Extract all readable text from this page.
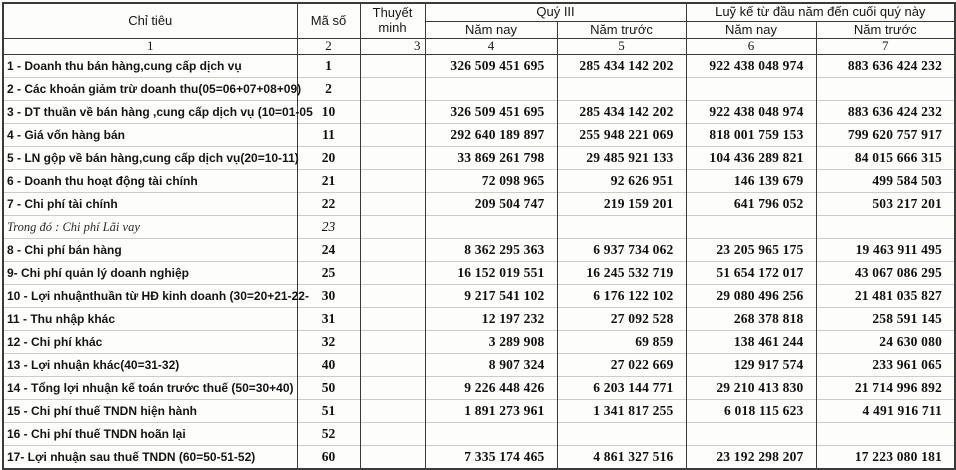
Chỉ tiêu	Mã số	Thuyết minh	Quý III		Luỹ kế từ đầu năm đến cuối quý này	
			Năm nay	Năm trước	Năm nay	Năm trước
1	2	3	4	5	6	7
1 - Doanh thu bán hàng,cung cấp dịch vụ	1		326 509 451 695	285 434 142 202	922 438 048 974	883 636 424 232
2 - Các khoản giảm trừ doanh thu(05=06+07+08+09)	2					
3 - DT thuần về bán hàng ,cung cấp dịch vụ (10=01-05	10		326 509 451 695	285 434 142 202	922 438 048 974	883 636 424 232
4 - Giá vốn hàng bán	11		292 640 189 897	255 948 221 069	818 001 759 153	799 620 757 917
5 - LN gộp về bán hàng,cung cấp dịch vụ(20=10-11)	20		33 869 261 798	29 485 921 133	104 436 289 821	84 015 666 315
6 - Doanh thu hoạt động tài chính	21		72 098 965	92 626 951	146 139 679	499 584 503
7 - Chi phí tài chính	22		209 504 747	219 159 201	641 796 052	503 217 201
Trong đó : Chi phí Lãi vay	23					
8 - Chi phí bán hàng	24		8 362 295 363	6 937 734 062	23 205 965 175	19 463 911 495
9- Chi phí quản lý doanh nghiệp	25		16 152 019 551	16 245 532 719	51 654 172 017	43 067 086 295
10 - Lợi nhuậnthuần từ HĐ kinh doanh (30=20+21-22-	30		9 217 541 102	6 176 122 102	29 080 496 256	21 481 035 827
11 - Thu nhập khác	31		12 197 232	27 092 528	268 378 818	258 591 145
12 - Chi phí khác	32		3 289 908	69 859	138 461 244	24 630 080
13 - Lợi nhuận khác(40=31-32)	40		8 907 324	27 022 669	129 917 574	233 961 065
14 - Tổng lợi nhuận kế toán trước thuế (50=30+40)	50		9 226 448 426	6 203 144 771	29 210 413 830	21 714 996 892
15 - Chi phí thuế TNDN hiện hành	51		1 891 273 961	1 341 817 255	6 018 115 623	4 491 916 711
16 - Chi phí thuế TNDN hoãn lại	52					
17- Lợi nhuận sau thuế TNDN (60=50-51-52)	60		7 335 174 465	4 861 327 516	23 192 298 207	17 223 080 181
